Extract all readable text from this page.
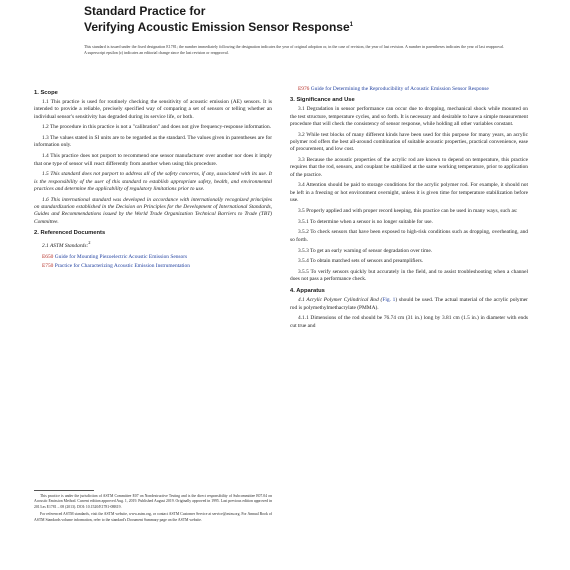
Standard Practice for
Verifying Acoustic Emission Sensor Response$^1$
This standard is issued under the fixed designation E1781; the number immediately following the designation indicates the year of original adoption or, in the case of revision, the year of last revision. A number in parentheses indicates the year of last reapproval. A superscript epsilon (ε) indicates an editorial change since the last revision or reapproval.
1. Scope

1.1 This practice is used for routinely checking the sensitivity of acoustic emission (AE) sensors. It is intended to provide a reliable, precisely specified way of comparing a set of sensors or telling whether an individual sensor's sensitivity has degraded during its service life, or both.

1.2 The procedure in this practice is not a "calibration" and does not give frequency-response information.

1.3 The values stated in SI units are to be regarded as the standard. The values given in parentheses are for information only.

1.4 This practice does not purport to recommend one sensor manufacturer over another nor does it imply that one type of sensor will react differently from another when using this procedure.

1.5 This standard does not purport to address all of the safety concerns, if any, associated with its use. It is the responsibility of the user of this standard to establish appropriate safety, health, and environmental practices and determine the applicability of regulatory limitations prior to use.

1.6 This international standard was developed in accordance with internationally recognized principles on standardization established in the Decision on Principles for the Development of International Standards, Guides and Recommendations issued by the World Trade Organization Technical Barriers to Trade (TBT) Committee.

2. Referenced Documents

2.1 ASTM Standards:$^2$

E650 Guide for Mounting Piezoelectric Acoustic Emission Sensors
E750 Practice for Characterizing Acoustic Emission Instrumentation

This practice is under the jurisdiction of ASTM Committee E07 on Nondestructive Testing and is the direct responsibility of Subcommittee E07.04 on Acoustic Emission Method. Current edition approved Aug. 1, 2019. Published August 2019. Originally approved in 1995. Last previous edition approved in 2013 as E1781 – 08 (2013). DOI: 10.1520/E1781-08R19.

For referenced ASTM standards, visit the ASTM website, www.astm.org, or contact ASTM Customer Service at service@astm.org. For Annual Book of ASTM Standards volume information, refer to the standard's Document Summary page on the ASTM website.

E976 Guide for Determining the Reproducibility of Acoustic Emission Sensor Response
3. Significance and Use

3.1 Degradation in sensor performance can occur due to dropping, mechanical shock while mounted on the test structure, temperature cycles, and so forth. It is necessary and desirable to have a simple measurement procedure that will check the consistency of sensor response, while holding all other variables constant.

3.2 While test blocks of many different kinds have been used for this purpose for many years, an acrylic polymer rod offers the best all-around combination of suitable acoustic properties, practical convenience, ease of procurement, and low cost.

3.3 Because the acoustic properties of the acrylic rod are known to depend on temperature, this practice requires that the rod, sensors, and couplant be stabilized at the same working temperature, prior to application of the practice.

3.4 Attention should be paid to storage conditions for the acrylic polymer rod. For example, it should not be left in a freezing or hot environment overnight, unless it is given time for temperature stabilization before use.

3.5 Properly applied and with proper record keeping, this practice can be used in many ways, such as:

3.5.1 To determine when a sensor is no longer suitable for use.

3.5.2 To check sensors that have been exposed to high-risk conditions such as dropping, overheating, and so forth.

3.5.3 To get an early warning of sensor degradation over time.

3.5.4 To obtain matched sets of sensors and preamplifiers.

3.5.5 To verify sensors quickly but accurately in the field, and to assist troubleshooting when a channel does not pass a performance check.

4. Apparatus

4.1 Acrylic Polymer Cylindrical Rod (Fig. 1) should be used. The actual material of the acrylic polymer rod is polymethylmethacrylate (PMMA).

4.1.1 Dimensions of the rod should be 76.74 cm (31 in.) long by 3.81 cm (1.5 in.) in diameter with ends cut true and
